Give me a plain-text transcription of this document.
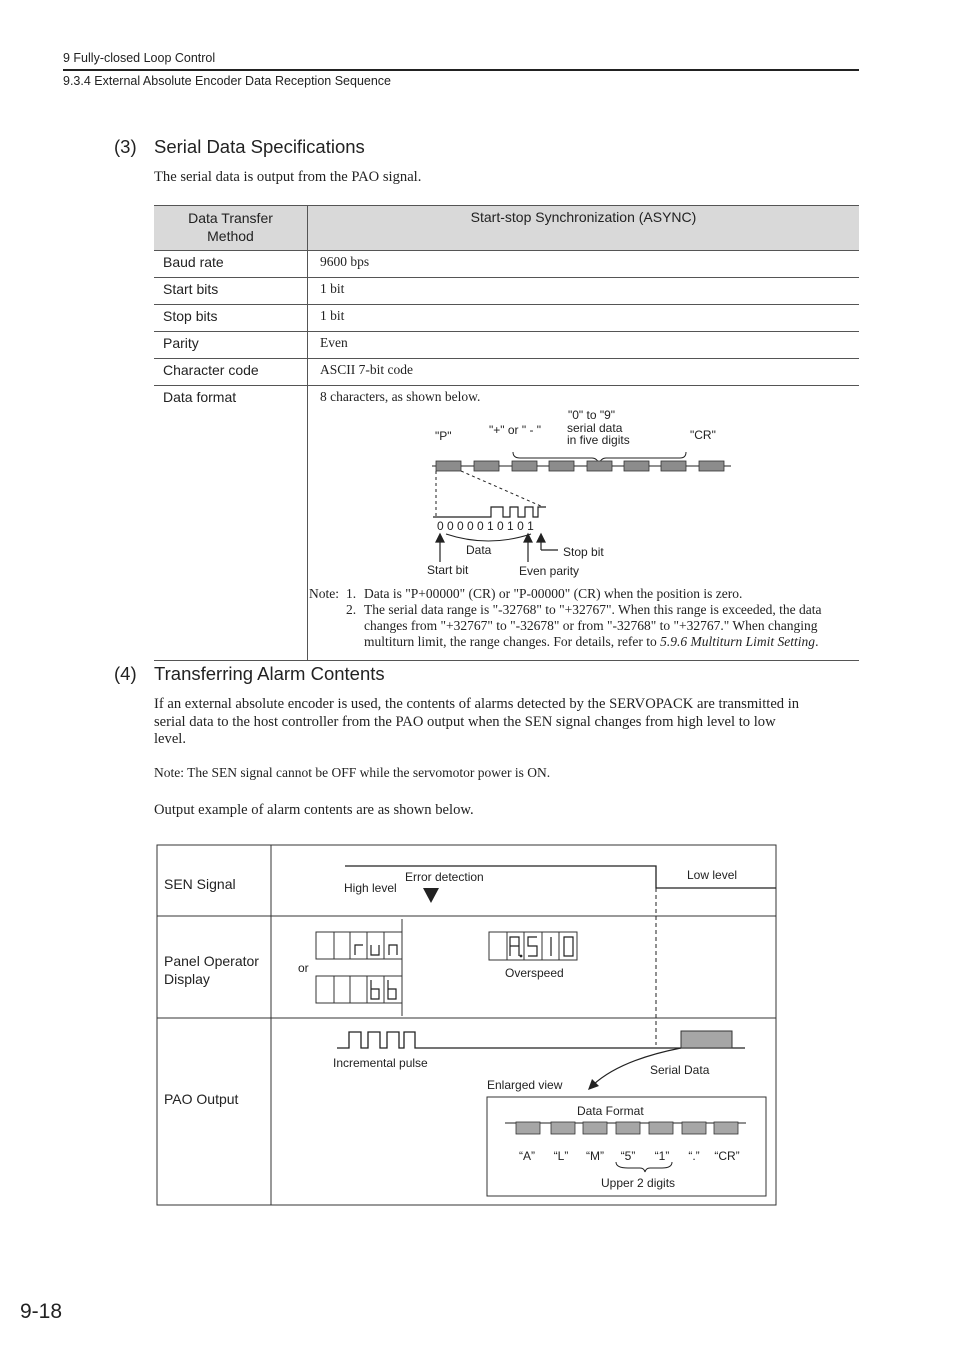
9 Fully-closed Loop Control
9.3.4 External Absolute Encoder Data Reception Sequence
(3) Serial Data Specifications
The serial data is output from the PAO signal.
Data Transfer Method	Start-stop Synchronization (ASYNC)
Baud rate	9600 bps
Start bits	1 bit
Stop bits	1 bit
Parity	Even
Character code	ASCII 7-bit code
Data format	8 characters, as shown below.
"P"	"+" or " - "
"0" to "9"
serial data
in five digits	"CR"
0 0 0 0 0 1 0 1 0 1
Data	Stop bit
Start bit	Even parity
Note: 1. Data is "P+00000" (CR) or "P-00000" (CR) when the position is zero.
2. The serial data range is "-32768" to "+32767". When this range is exceeded, the data
changes from "+32767" to "-32678" or from "-32768" to "+32767." When changing
multiturn limit, the range changes. For details, refer to 5.9.6 Multiturn Limit Setting.
(4) Transferring Alarm Contents
If an external absolute encoder is used, the contents of alarms detected by the SERVOPACK are transmitted in
serial data to the host controller from the PAO output when the SEN signal changes from high level to low
level.
Note: The SEN signal cannot be OFF while the servomotor power is ON.
Output example of alarm contents are as shown below.
SEN Signal
Panel Operator
Display
PAO Output
High level
Error detection	Low level
or	Overspeed
Incremental pulse	Serial Data
Enlarged view
Data Format
“A” “L” “M” “5” “1” “.” “CR”
Upper 2 digits
9-18
